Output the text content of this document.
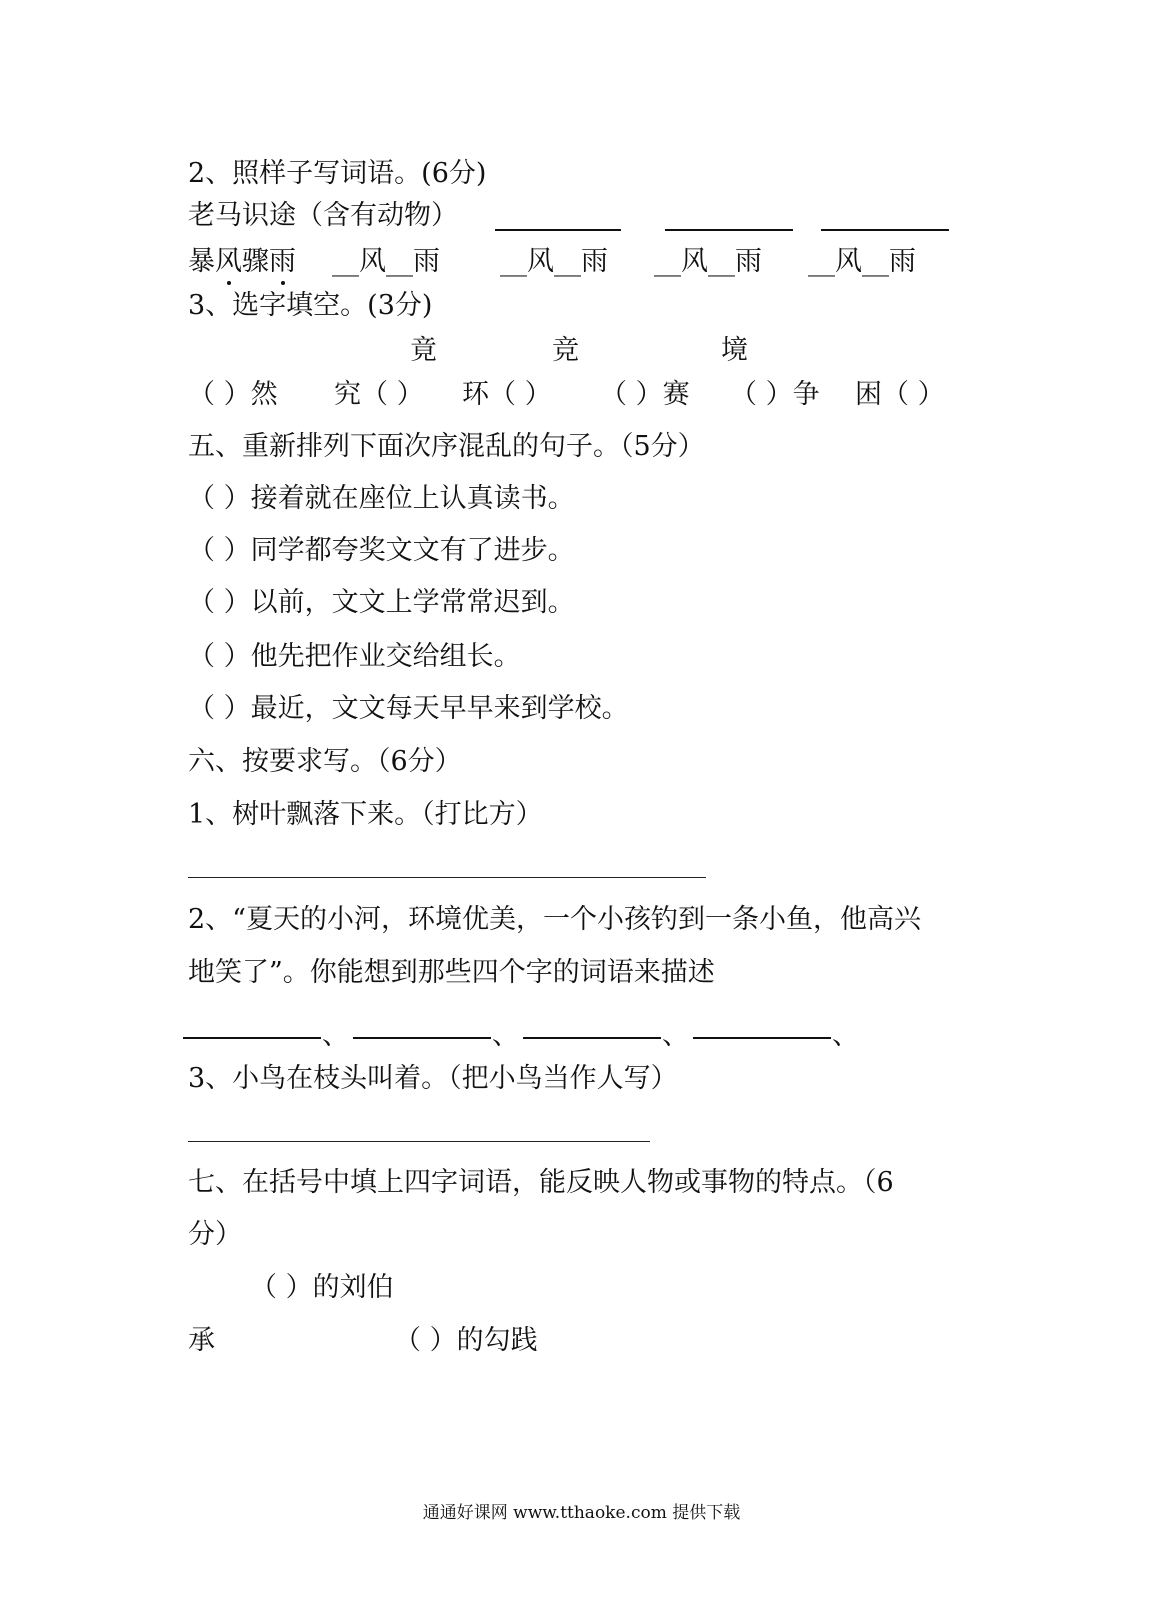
2、照样子写词语。(6分)
老马识途（含有动物）
暴风骤雨 __风__雨 __风__雨 __风__雨 __风__雨
3、选字填空。(3分)
竟	竞	境
（ ）然 究（ ） 环（ ） （ ）赛 （ ）争 困（ ）
五、重新排列下面次序混乱的句子。（5分）
（ ）接着就在座位上认真读书。
（ ）同学都夸奖文文有了进步。
（ ）以前，文文上学常常迟到。
（ ）他先把作业交给组长。
（ ）最近，文文每天早早来到学校。
六、按要求写。（6分）
1、树叶飘落下来。（打比方）
2、“夏天的小河，环境优美，一个小孩钓到一条小鱼，他高兴
地笑了”。你能想到那些四个字的词语来描述
、	、	、	、
3、小鸟在枝头叫着。（把小鸟当作人写）
七、在括号中填上四字词语，能反映人物或事物的特点。（6
分）
（ ）的刘伯
承	（ ）的勾践
通通好课网 www.tthaoke.com 提供下载
